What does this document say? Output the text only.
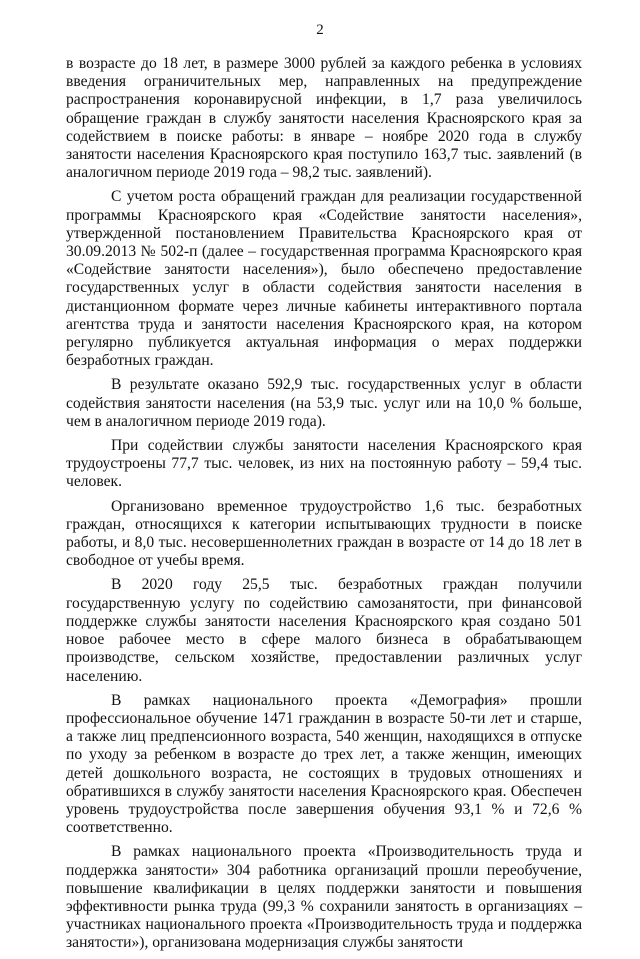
2

в возрасте до 18 лет, в размере 3000 рублей за каждого ребенка в условиях введения ограничительных мер, направленных на предупреждение распространения коронавирусной инфекции, в 1,7 раза увеличилось обращение граждан в службу занятости населения Красноярского края за содействием в поиске работы: в январе – ноябре 2020 года в службу занятости населения Красноярского края поступило 163,7 тыс. заявлений (в аналогичном периоде 2019 года – 98,2 тыс. заявлений).

С учетом роста обращений граждан для реализации государственной программы Красноярского края «Содействие занятости населения», утвержденной постановлением Правительства Красноярского края от 30.09.2013 № 502-п (далее – государственная программа Красноярского края «Содействие занятости населения»), было обеспечено предоставление государственных услуг в области содействия занятости населения в дистанционном формате через личные кабинеты интерактивного портала агентства труда и занятости населения Красноярского края, на котором регулярно публикуется актуальная информация о мерах поддержки безработных граждан.

В результате оказано 592,9 тыс. государственных услуг в области содействия занятости населения (на 53,9 тыс. услуг или на 10,0 % больше, чем в аналогичном периоде 2019 года).

При содействии службы занятости населения Красноярского края трудоустроены 77,7 тыс. человек, из них на постоянную работу – 59,4 тыс. человек.

Организовано временное трудоустройство 1,6 тыс. безработных граждан, относящихся к категории испытывающих трудности в поиске работы, и 8,0 тыс. несовершеннолетних граждан в возрасте от 14 до 18 лет в свободное от учебы время.

В 2020 году 25,5 тыс. безработных граждан получили государственную услугу по содействию самозанятости, при финансовой поддержке службы занятости населения Красноярского края создано 501 новое рабочее место в сфере малого бизнеса в обрабатывающем производстве, сельском хозяйстве, предоставлении различных услуг населению.

В рамках национального проекта «Демография» прошли профессиональное обучение 1471 гражданин в возрасте 50-ти лет и старше, а также лиц предпенсионного возраста, 540 женщин, находящихся в отпуске по уходу за ребенком в возрасте до трех лет, а также женщин, имеющих детей дошкольного возраста, не состоящих в трудовых отношениях и обратившихся в службу занятости населения Красноярского края. Обеспечен уровень трудоустройства после завершения обучения 93,1 % и 72,6 % соответственно.

В рамках национального проекта «Производительность труда и поддержка занятости» 304 работника организаций прошли переобучение, повышение квалификации в целях поддержки занятости и повышения эффективности рынка труда (99,3 % сохранили занятость в организациях – участниках национального проекта «Производительность труда и поддержка занятости»), организована модернизация службы занятости
